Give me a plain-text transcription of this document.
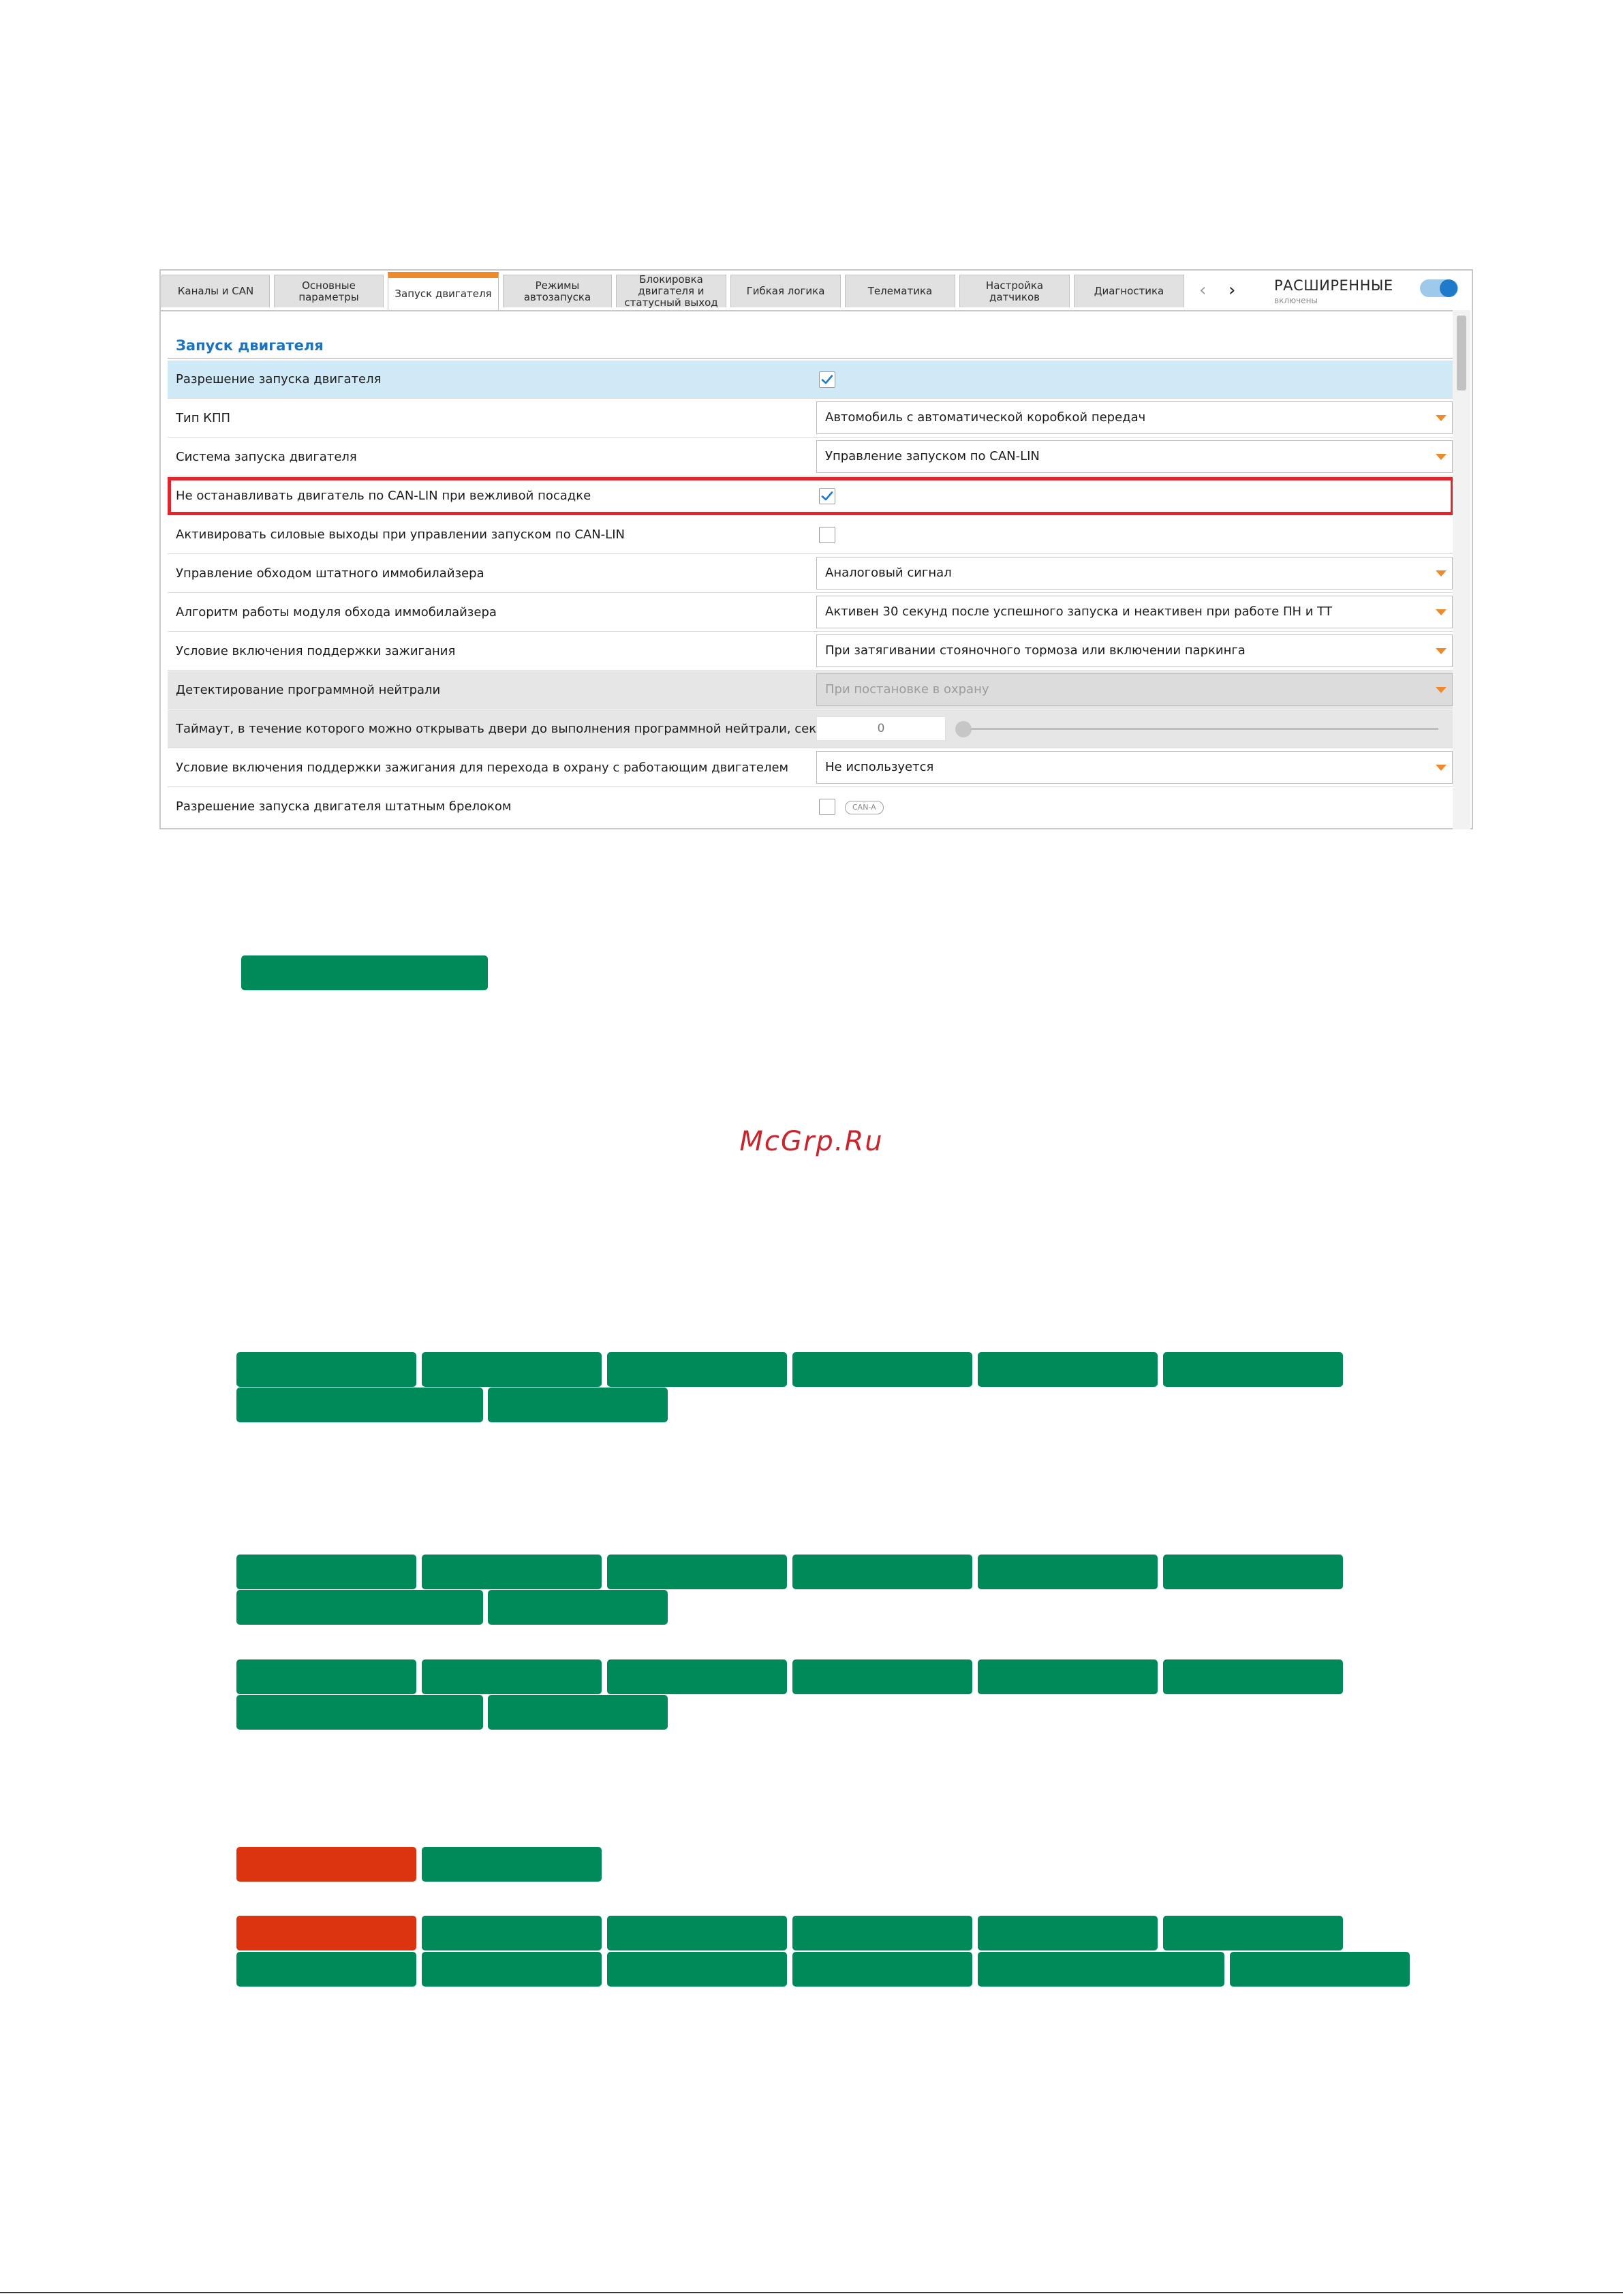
Каналы и CAN	Основные параметры	Запуск двигателя
Режимы автозапуска
Блокировка двигателя и статусный выход
Гибкая логика	Телематика	Настройка датчиков	Диагностика ‹ ›	РАСШИРЕННЫЕ
включены
Запуск двигателя
Разрешение запуска двигателя
Тип КПП	Автомобиль с автоматической коробкой передач
Система запуска двигателя	Управление запуском по CAN-LIN
Не останавливать двигатель по CAN-LIN при вежливой посадке
Активировать силовые выходы при управлении запуском по CAN-LIN
Управление обходом штатного иммобилайзера	Аналоговый сигнал
Алгоритм работы модуля обхода иммобилайзера	Активен 30 секунд после успешного запуска и неактивен при работе ПН и ТТ
Условие включения поддержки зажигания	При затягивании стояночного тормоза или включении паркинга
Детектирование программной нейтрали	При постановке в охрану
Таймаут, в течение которого можно открывать двери до выполнения программной нейтрали, сек	0
Условие включения поддержки зажигания для перехода в охрану с работающим двигателем	Не используется
Разрешение запуска двигателя штатным брелоком	CAN-A
McGrp.Ru
